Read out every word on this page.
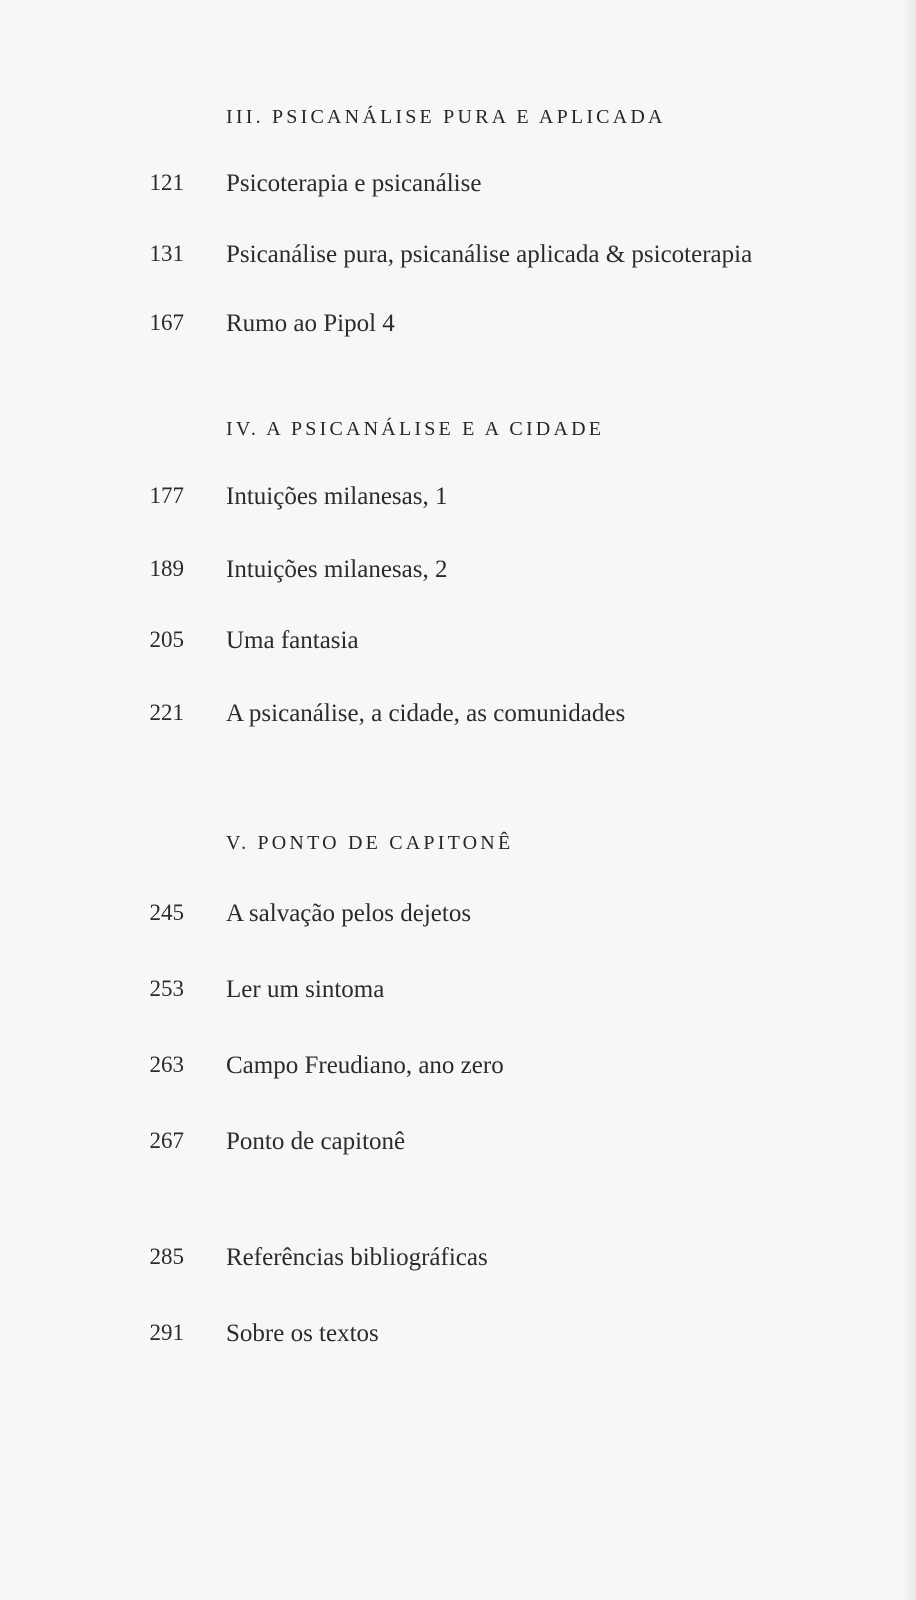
III. PSICANÁLISE PURA E APLICADA
121 Psicoterapia e psicanálise
131 Psicanálise pura, psicanálise aplicada & psicoterapia
167 Rumo ao Pipol 4
IV. A PSICANÁLISE E A CIDADE
177 Intuições milanesas, 1
189 Intuições milanesas, 2
205 Uma fantasia
221 A psicanálise, a cidade, as comunidades
V. PONTO DE CAPITONÊ
245 A salvação pelos dejetos
253 Ler um sintoma
263 Campo Freudiano, ano zero
267 Ponto de capitonê
285 Referências bibliográficas
291 Sobre os textos
